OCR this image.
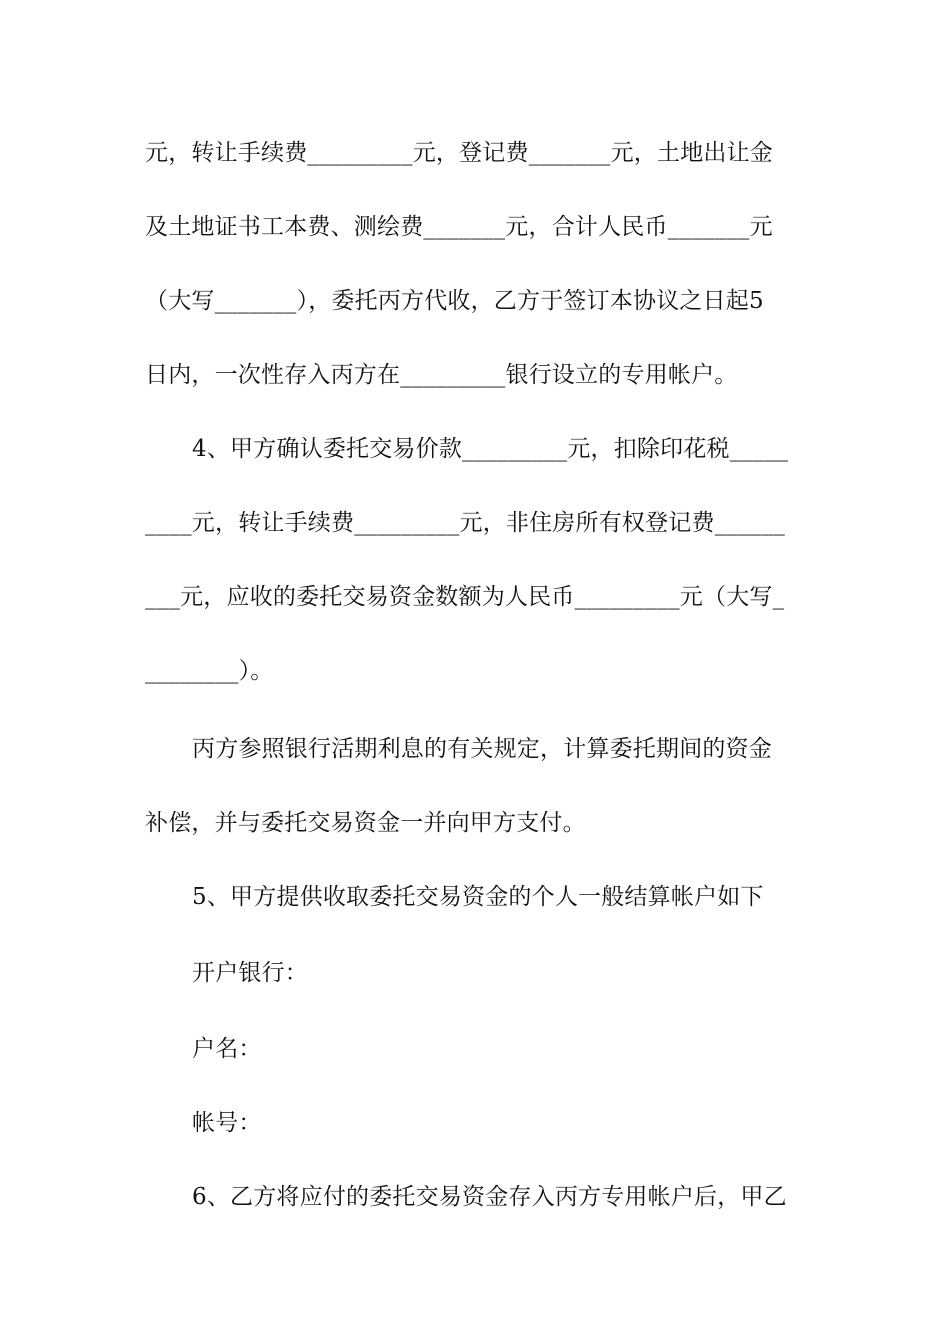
元，转让手续费_________元，登记费_______元，土地出让金
及土地证书工本费、测绘费_______元，合计人民币_______元
（大写_______），委托丙方代收，乙方于签订本协议之日起5
日内，一次性存入丙方在_________银行设立的专用帐户。
4、甲方确认委托交易价款_________元，扣除印花税_____
____元，转让手续费_________元，非住房所有权登记费______
___元，应收的委托交易资金数额为人民币_________元（大写_
________）。
丙方参照银行活期利息的有关规定，计算委托期间的资金
补偿，并与委托交易资金一并向甲方支付。
5、甲方提供收取委托交易资金的个人一般结算帐户如下
开户银行：
户名：
帐号：
6、乙方将应付的委托交易资金存入丙方专用帐户后，甲乙
